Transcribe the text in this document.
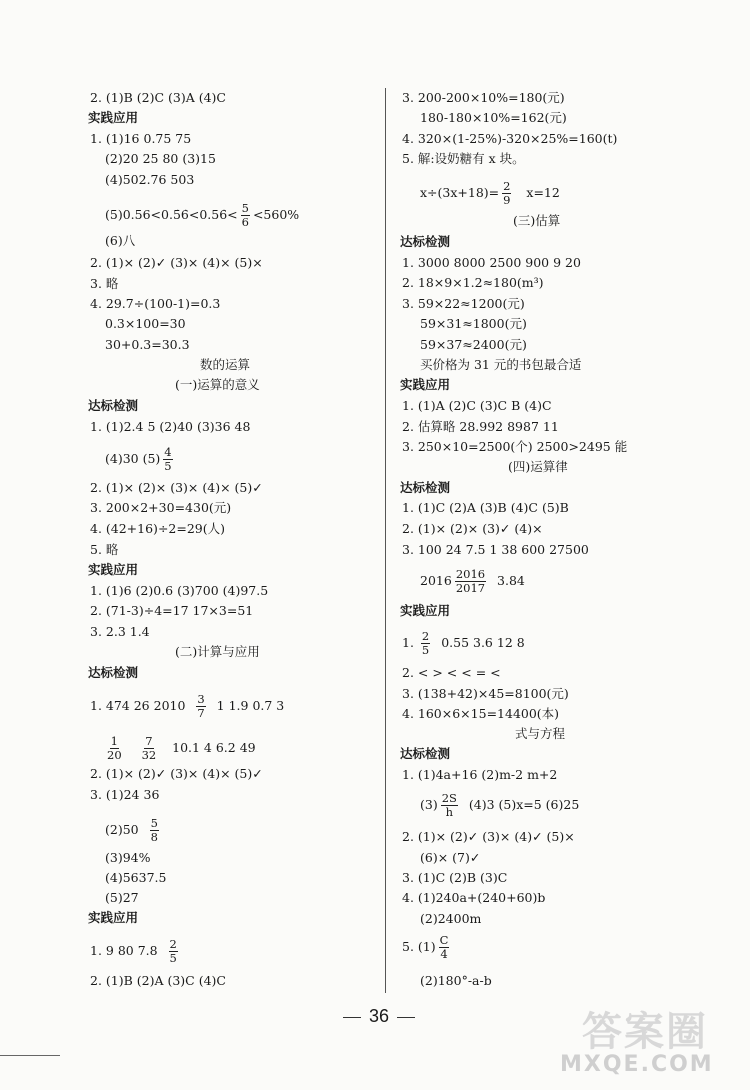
2. (1)B (2)C (3)A (4)C
实践应用
1. (1)16 0.75 75
(2)20 25 80 (3)15
(4)502.76 503
(5)0.56<0.5̇6̇<0.56̇< $\frac{5}{6} <560\%$
(6)八
2. (1)× (2)✓ (3)× (4)× (5)×
3. 略
4. 29.7÷(100-1)=0.3
0.3×100=30
30+0.3=30.3
数的运算
(一)运算的意义
达标检测
1. (1)2.4 5 (2)40 (3)36 48
(4)30 $(5) \frac{4}{5}$
2. (1)× (2)× (3)× (4)× (5)✓
3. 200×2+30=430(元)
4. (42+16)÷2=29(人)
5. 略
实践应用
1. (1)6 (2)0.6 (3)700 (4)97.5
2. (71-3)÷4=17 17×3=51
3. 2.3 1.4
(二)计算与应用
达标检测
1. 474 26 $2010 \frac{3}{7} 1$ 1.9 0.7 3
$\frac{1}{20}$
$\frac{7}{32} 10.1$ 4 6.2 49
2. (1)× (2)✓ (3)× (4)× (5)✓
3. (1)24 36
$(2)50 \frac{5}{8}$
(3)94%
(4)5637.5
(5)27
实践应用
1. 9 80 $7.8 \frac{2}{5}$
2. (1)B (2)A (3)C (4)C
3. 200-200×10%=180(元)
180-180×10%=162(元)
4. 320×(1-25%)-320×25%=160(t)
5. 解:设奶糖有 x 块。
$x\div(3x+18)= \frac{2}{9} x=12$
(三)估算
达标检测
1. 3000 8000 2500 900 9 20
2. 18×9×1.2≈180(m³)
3. 59×22≈1200(元)
59×31≈1800(元)
59×37≈2400(元)
买价格为 31 元的书包最合适
实践应用
1. (1)A (2)C (3)C B (4)C
2. 估算略 28.992 8987 11
3. 250×10=2500(个) 2500>2495 能
(四)运算律
达标检测
1. (1)C (2)A (3)B (4)C (5)B
2. (1)× (2)× (3)✓ (4)×
3. 100 24 7.5 1 38 600 27500
$2016 \frac{2016}{2017} 3.84$
实践应用
1. $\frac{2}{5} 0.55$ 3.6 12 8
2. < > < < = <
3. (138+42)×45=8100(元)
4. 160×6×15=14400(本)
式与方程
达标检测
1. (1)4a+16 (2)m-2 m+2
$(3) \frac{2S}{h} (4)3$ (5)x=5 (6)25
2. (1)× (2)✓ (3)× (4)✓ (5)×
(6)× (7)✓
3. (1)C (2)B (3)C
4. (1)240a+(240+60)b
(2)2400m
5. $(1) \frac{C}{4}$
(2)180°-a-b
36	答案圈
MXQE.COM
